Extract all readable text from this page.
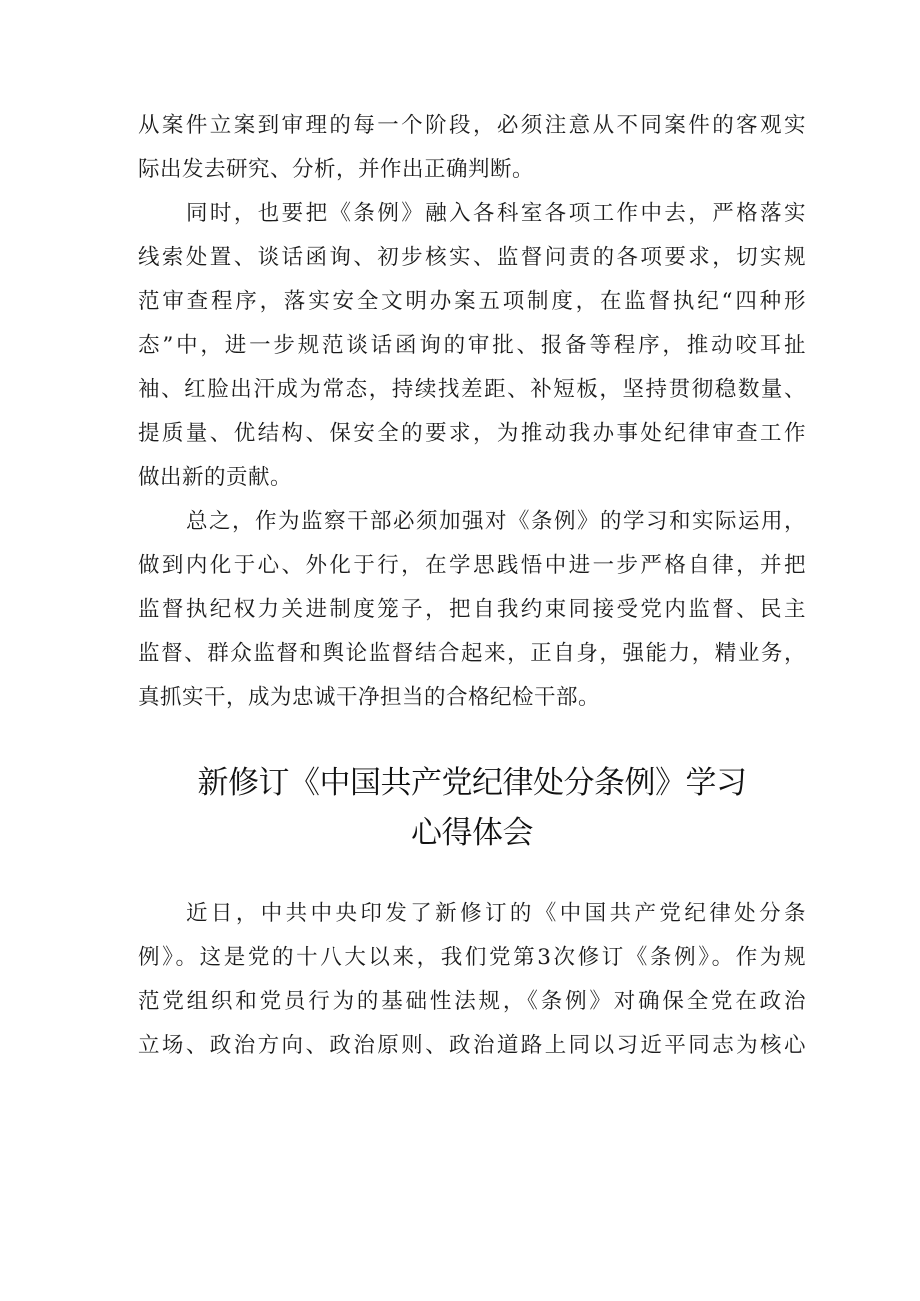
从案件立案到审理的每一个阶段，必须注意从不同案件的客观实
际出发去研究、分析，并作出正确判断。
同时，也要把《条例》融入各科室各项工作中去，严格落实
线索处置、谈话函询、初步核实、监督问责的各项要求，切实规
范审查程序，落实安全文明办案五项制度，在监督执纪“四种形
态”中，进一步规范谈话函询的审批、报备等程序，推动咬耳扯
袖、红脸出汗成为常态，持续找差距、补短板，坚持贯彻稳数量、
提质量、优结构、保安全的要求，为推动我办事处纪律审查工作
做出新的贡献。
总之，作为监察干部必须加强对《条例》的学习和实际运用，
做到内化于心、外化于行，在学思践悟中进一步严格自律，并把
监督执纪权力关进制度笼子，把自我约束同接受党内监督、民主
监督、群众监督和舆论监督结合起来，正自身，强能力，精业务，
真抓实干，成为忠诚干净担当的合格纪检干部。
新修订《中国共产党纪律处分条例》学习
心得体会
近日，中共中央印发了新修订的《中国共产党纪律处分条
例》。这是党的十八大以来，我们党第3次修订《条例》。作为规
范党组织和党员行为的基础性法规，《条例》对确保全党在政治
立场、政治方向、政治原则、政治道路上同以习近平同志为核心
